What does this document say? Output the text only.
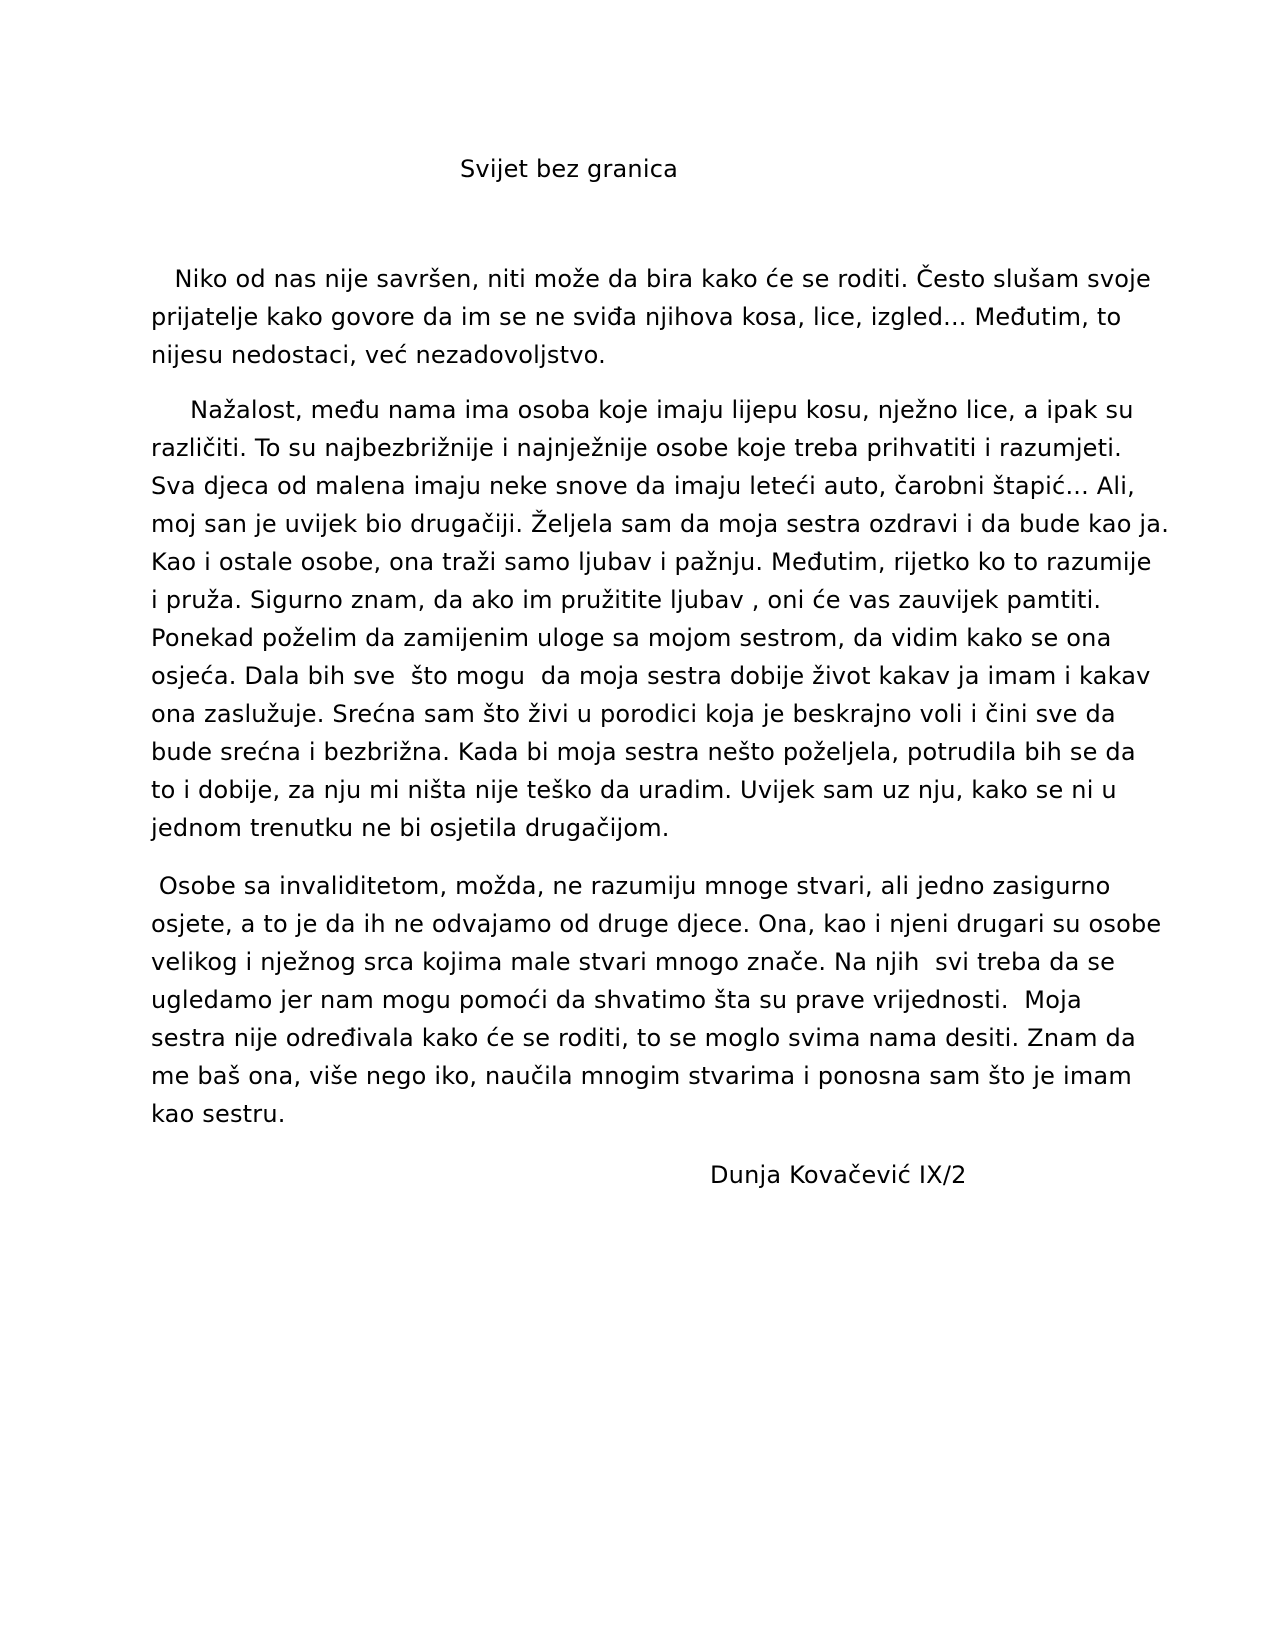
Svijet bez granica
Niko od nas nije savršen, niti može da bira kako će se roditi. Često slušam svoje
prijatelje kako govore da im se ne sviđa njihova kosa, lice, izgled... Međutim, to
nijesu nedostaci, već nezadovoljstvo.
Nažalost, među nama ima osoba koje imaju lijepu kosu, nježno lice, a ipak su
različiti. To su najbezbrižnije i najnježnije osobe koje treba prihvatiti i razumjeti.
Sva djeca od malena imaju neke snove da imaju leteći auto, čarobni štapić... Ali,
moj san je uvijek bio drugačiji. Željela sam da moja sestra ozdravi i da bude kao ja.
Kao i ostale osobe, ona traži samo ljubav i pažnju. Međutim, rijetko ko to razumije
i pruža. Sigurno znam, da ako im pružitite ljubav , oni će vas zauvijek pamtiti.
Ponekad poželim da zamijenim uloge sa mojom sestrom, da vidim kako se ona
osjeća. Dala bih sve  što mogu  da moja sestra dobije život kakav ja imam i kakav
ona zaslužuje. Srećna sam što živi u porodici koja je beskrajno voli i čini sve da
bude srećna i bezbrižna. Kada bi moja sestra nešto poželjela, potrudila bih se da
to i dobije, za nju mi ništa nije teško da uradim. Uvijek sam uz nju, kako se ni u
jednom trenutku ne bi osjetila drugačijom.
Osobe sa invaliditetom, možda, ne razumiju mnoge stvari, ali jedno zasigurno
osjete, a to je da ih ne odvajamo od druge djece. Ona, kao i njeni drugari su osobe
velikog i nježnog srca kojima male stvari mnogo znače. Na njih  svi treba da se
ugledamo jer nam mogu pomoći da shvatimo šta su prave vrijednosti.  Moja
sestra nije određivala kako će se roditi, to se moglo svima nama desiti. Znam da
me baš ona, više nego iko, naučila mnogim stvarima i ponosna sam što je imam
kao sestru.
Dunja Kovačević IX/2
